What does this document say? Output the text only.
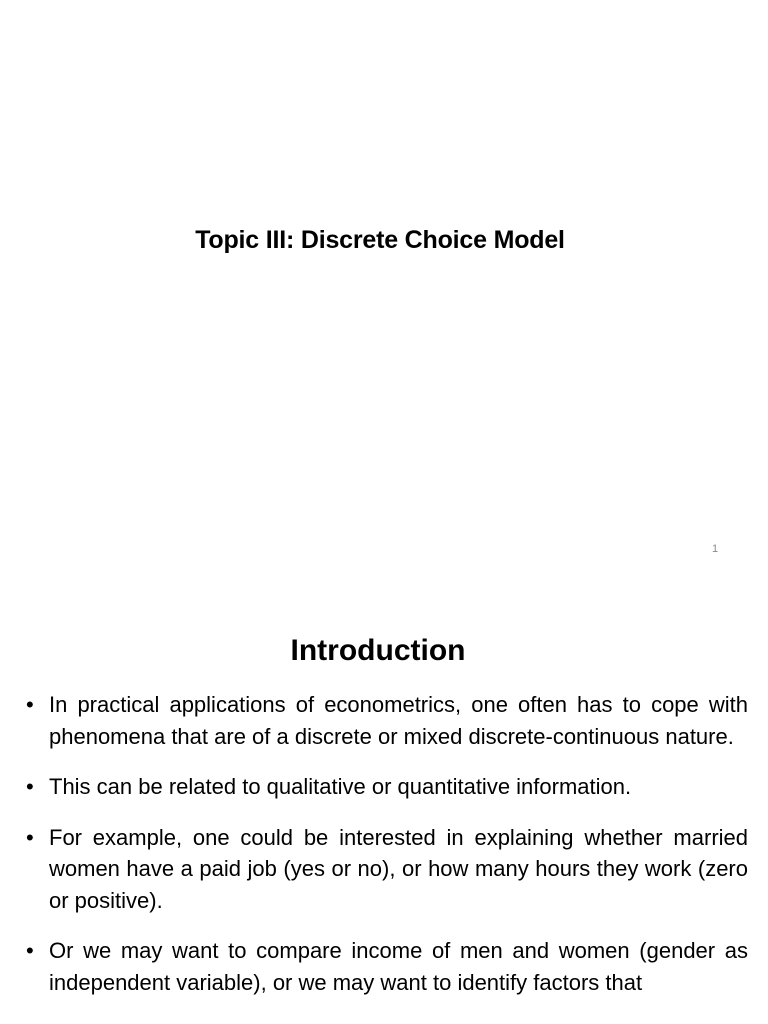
Topic III: Discrete Choice Model
1
Introduction
• In practical applications of econometrics, one often has to cope with phenomena that are of a discrete or mixed discrete-continuous nature.
• This can be related to qualitative or quantitative information.
• For example, one could be interested in explaining whether married women have a paid job (yes or no), or how many hours they work (zero or positive).
• Or we may want to compare income of men and women (gender as independent variable), or we may want to identify factors that
